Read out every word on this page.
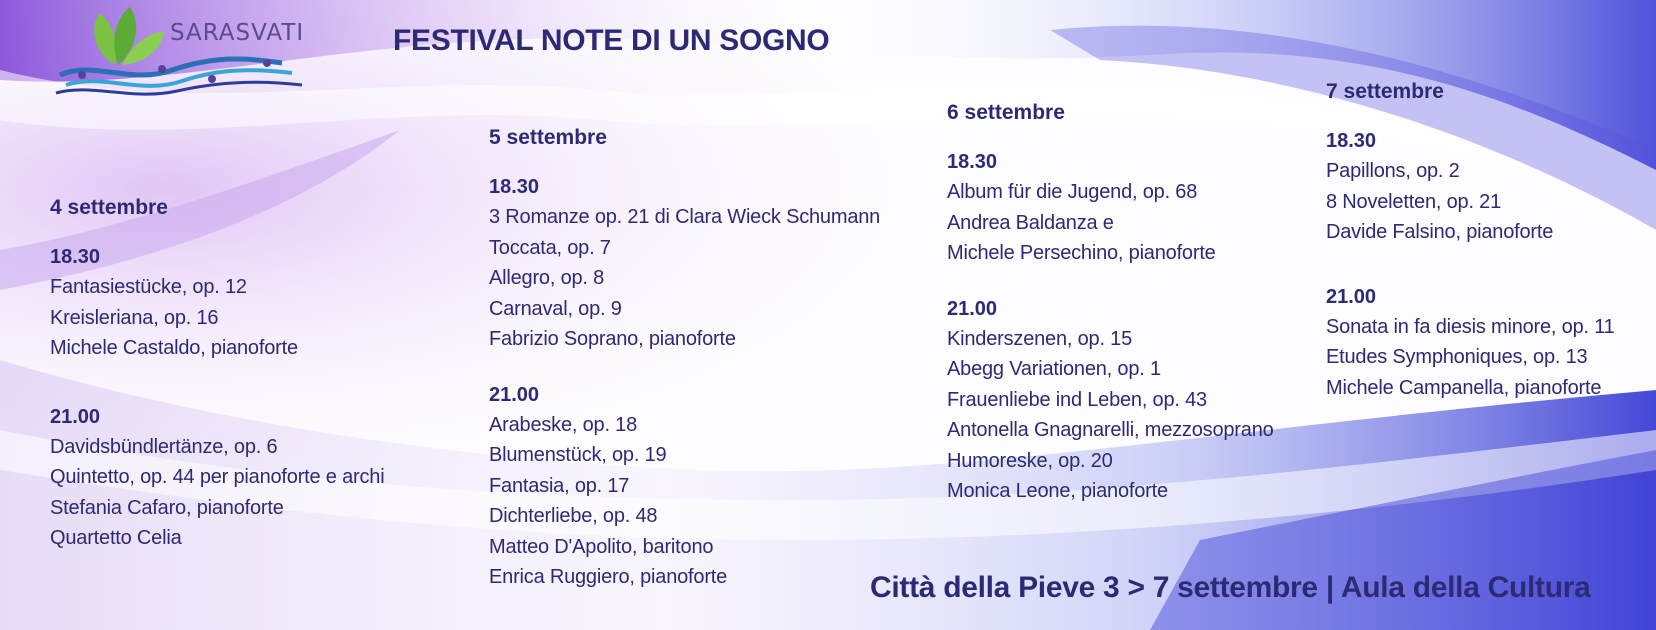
SARASVATI	FESTIVAL NOTE DI UN SOGNO
4 settembre
18.30
Fantasiestücke, op. 12
Kreisleriana, op. 16
Michele Castaldo, pianoforte
21.00
Davidsbündlertänze, op. 6
Quintetto, op. 44 per pianoforte e archi
Stefania Cafaro, pianoforte
Quartetto Celia
5 settembre
18.30
3 Romanze op. 21 di Clara Wieck Schumann
Toccata, op. 7
Allegro, op. 8
Carnaval, op. 9
Fabrizio Soprano, pianoforte
21.00
Arabeske, op. 18
Blumenstück, op. 19
Fantasia, op. 17
Dichterliebe, op. 48
Matteo D'Apolito, baritono
Enrica Ruggiero, pianoforte
6 settembre
18.30
Album für die Jugend, op. 68
Andrea Baldanza e
Michele Persechino, pianoforte
21.00
Kinderszenen, op. 15
Abegg Variationen, op. 1
Frauenliebe ind Leben, op. 43
Antonella Gnagnarelli, mezzosoprano
Humoreske, op. 20
Monica Leone, pianoforte
7 settembre
18.30
Papillons, op. 2
8 Noveletten, op. 21
Davide Falsino, pianoforte
21.00
Sonata in fa diesis minore, op. 11
Etudes Symphoniques, op. 13
Michele Campanella, pianoforte
Città della Pieve 3 > 7 settembre | Aula della Cultura
